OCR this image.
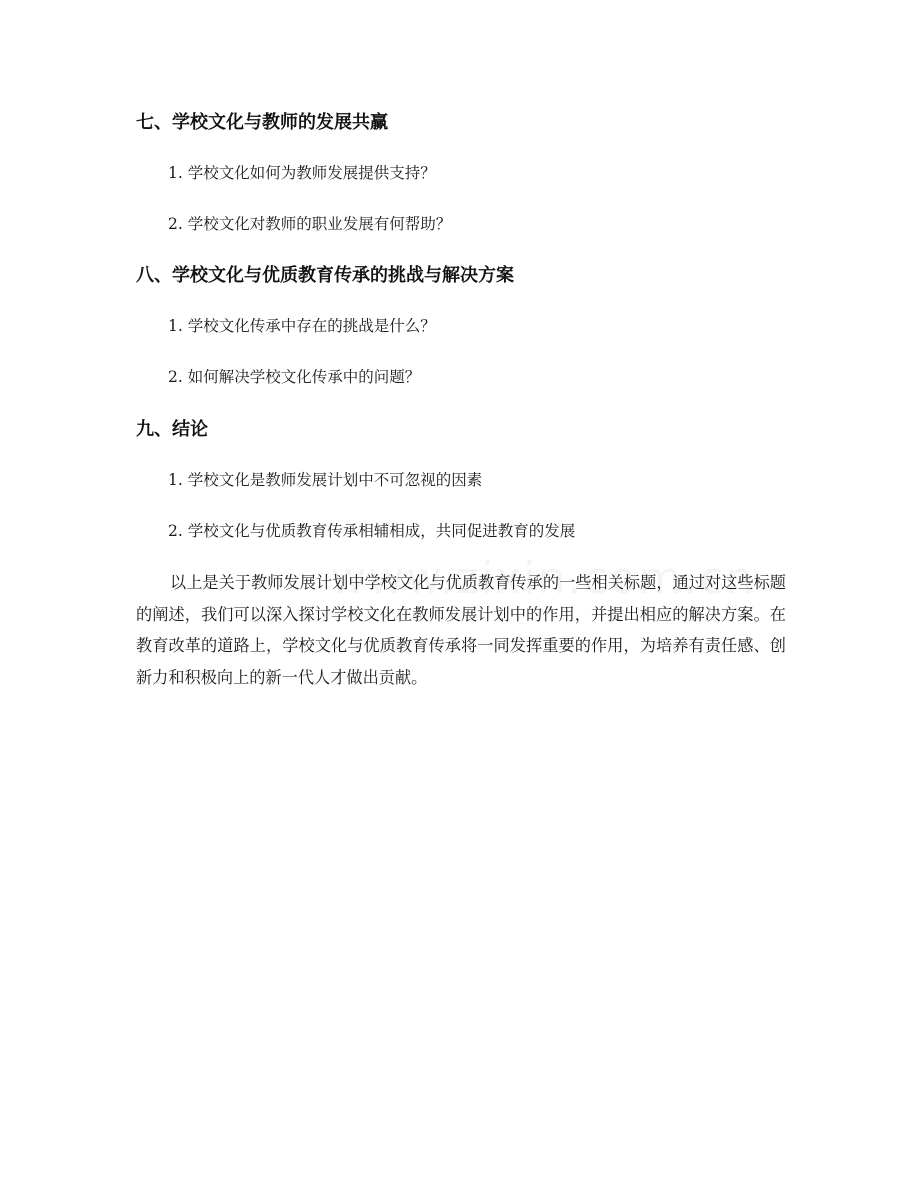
七、学校文化与教师的发展共赢
1. 学校文化如何为教师发展提供支持？
2. 学校文化对教师的职业发展有何帮助？
八、学校文化与优质教育传承的挑战与解决方案
1. 学校文化传承中存在的挑战是什么？
2. 如何解决学校文化传承中的问题？
九、结论
1. 学校文化是教师发展计划中不可忽视的因素
2. 学校文化与优质教育传承相辅相成，共同促进教育的发展

以上是关于教师发展计划中学校文化与优质教育传承的一些相关标题，通过对这些标题的阐述，我们可以深入探讨学校文化在教师发展计划中的作用，并提出相应的解决方案。在教育改革的道路上，学校文化与优质教育传承将一同发挥重要的作用，为培养有责任感、创新力和积极向上的新一代人才做出贡献。
